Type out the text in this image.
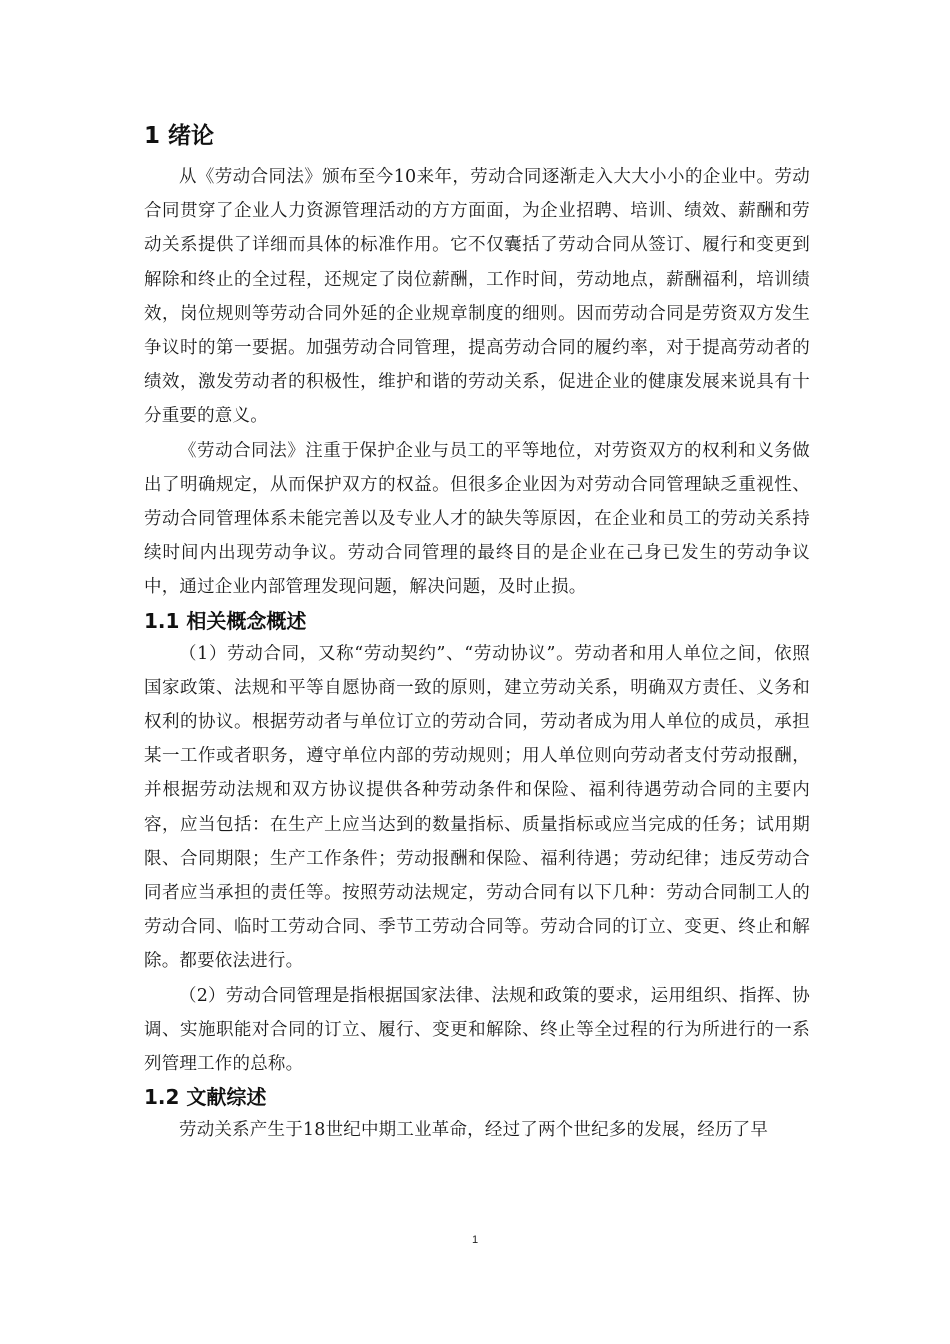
1 绪论

从《劳动合同法》颁布至今10来年，劳动合同逐渐走入大大小小的企业中。劳动合同贯穿了企业人力资源管理活动的方方面面，为企业招聘、培训、绩效、薪酬和劳动关系提供了详细而具体的标准作用。它不仅囊括了劳动合同从签订、履行和变更到解除和终止的全过程，还规定了岗位薪酬，工作时间，劳动地点，薪酬福利，培训绩效，岗位规则等劳动合同外延的企业规章制度的细则。因而劳动合同是劳资双方发生争议时的第一要据。加强劳动合同管理，提高劳动合同的履约率，对于提高劳动者的绩效，激发劳动者的积极性，维护和谐的劳动关系，促进企业的健康发展来说具有十分重要的意义。

《劳动合同法》注重于保护企业与员工的平等地位，对劳资双方的权利和义务做出了明确规定，从而保护双方的权益。但很多企业因为对劳动合同管理缺乏重视性、劳动合同管理体系未能完善以及专业人才的缺失等原因，在企业和员工的劳动关系持续时间内出现劳动争议。劳动合同管理的最终目的是企业在己身已发生的劳动争议中，通过企业内部管理发现问题，解决问题，及时止损。

1.1 相关概念概述

（1）劳动合同，又称“劳动契约”、“劳动协议”。劳动者和用人单位之间，依照国家政策、法规和平等自愿协商一致的原则，建立劳动关系，明确双方责任、义务和权利的协议。根据劳动者与单位订立的劳动合同，劳动者成为用人单位的成员，承担某一工作或者职务，遵守单位内部的劳动规则；用人单位则向劳动者支付劳动报酬，并根据劳动法规和双方协议提供各种劳动条件和保险、福利待遇劳动合同的主要内容，应当包括：在生产上应当达到的数量指标、质量指标或应当完成的任务；试用期限、合同期限；生产工作条件；劳动报酬和保险、福利待遇；劳动纪律；违反劳动合同者应当承担的责任等。按照劳动法规定，劳动合同有以下几种：劳动合同制工人的劳动合同、临时工劳动合同、季节工劳动合同等。劳动合同的订立、变更、终止和解除。都要依法进行。

（2）劳动合同管理是指根据国家法律、法规和政策的要求，运用组织、指挥、协调、实施职能对合同的订立、履行、变更和解除、终止等全过程的行为所进行的一系列管理工作的总称。

1.2 文献综述

劳动关系产生于18世纪中期工业革命，经过了两个世纪多的发展，经历了早

1
